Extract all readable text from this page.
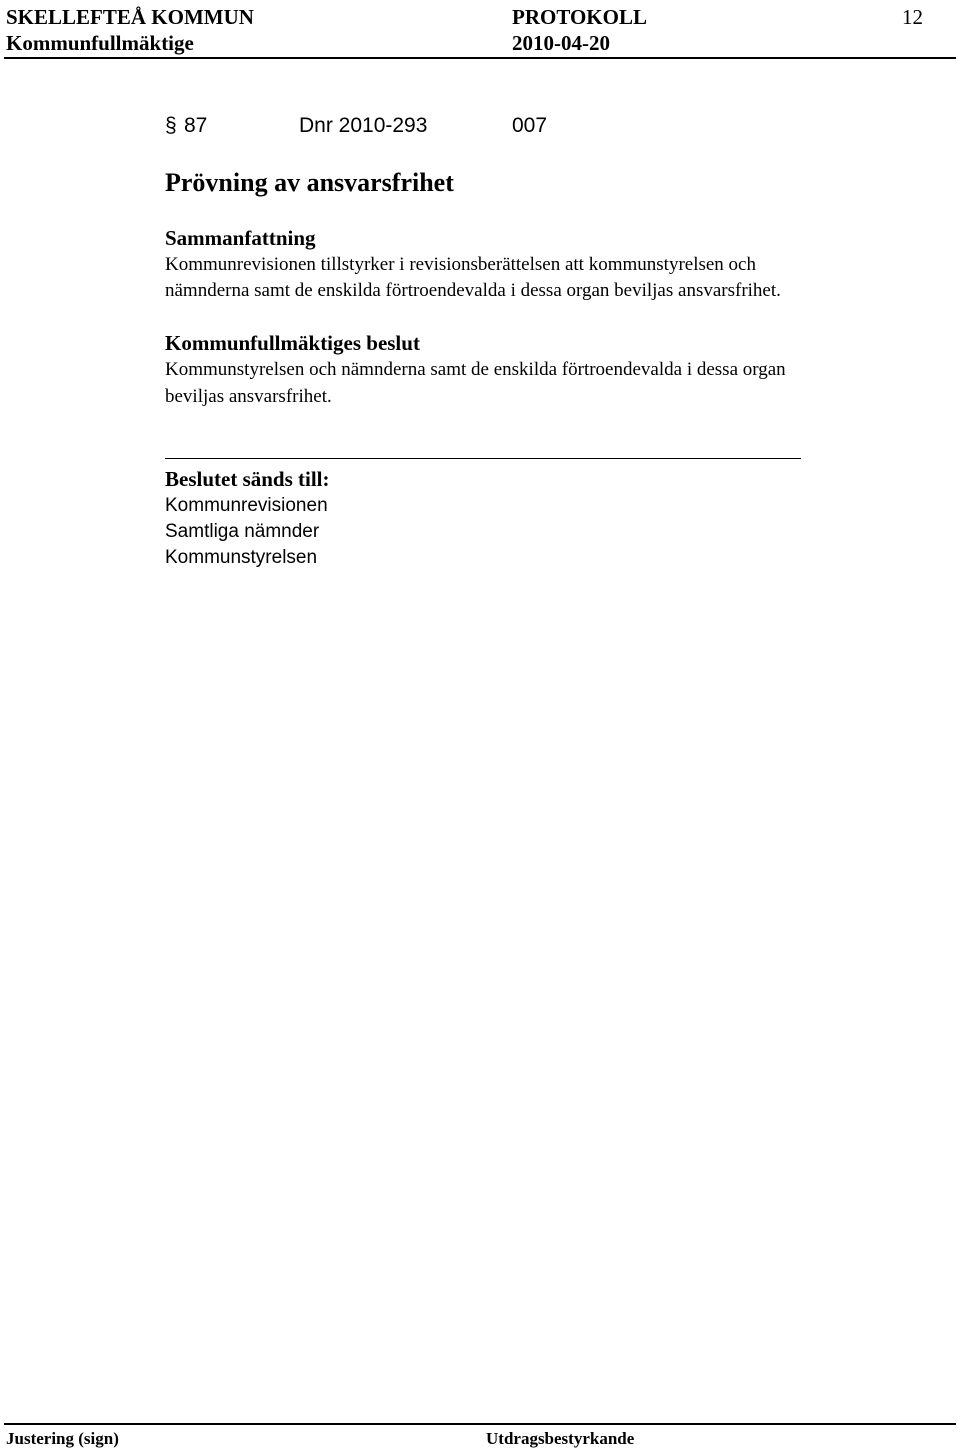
SKELLEFTEÅ KOMMUN	PROTOKOLL	12
Kommunfullmäktige	2010-04-20
§ 87	Dnr 2010-293	007
Prövning av ansvarsfrihet
Sammanfattning
Kommunrevisionen tillstyrker i revisionsberättelsen att kommunstyrelsen och
nämnderna samt de enskilda förtroendevalda i dessa organ beviljas ansvarsfrihet.
Kommunfullmäktiges beslut
Kommunstyrelsen och nämnderna samt de enskilda förtroendevalda i dessa organ
beviljas ansvarsfrihet.
Beslutet sänds till:
Kommunrevisionen
Samtliga nämnder
Kommunstyrelsen
Justering (sign)	Utdragsbestyrkande
